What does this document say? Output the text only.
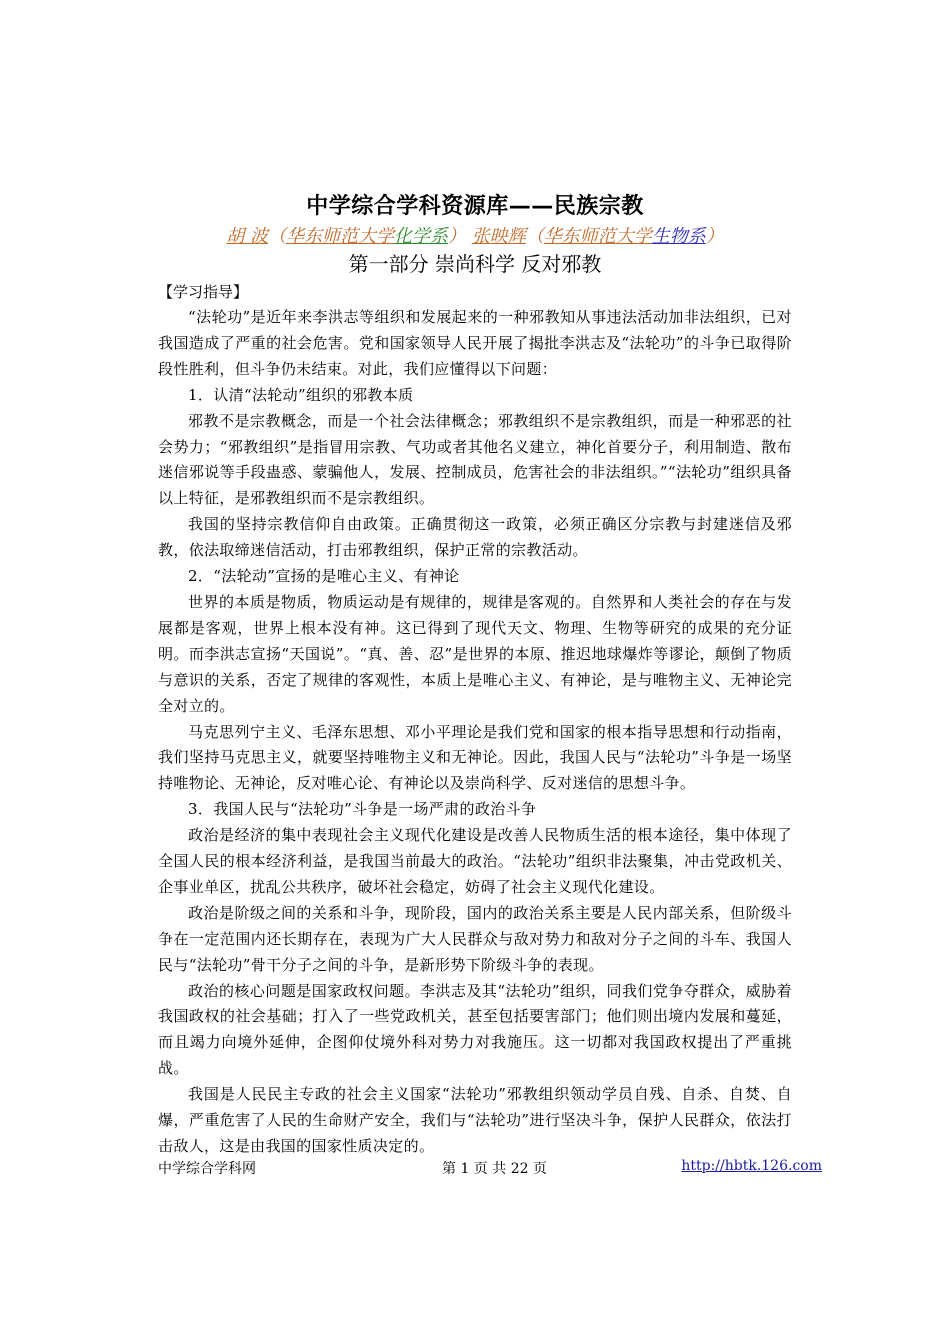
中学综合学科资源库——民族宗教
胡 波（华东师范大学化学系） 张映辉（华东师范大学生物系）
第一部分 崇尚科学 反对邪教
【学习指导】

“法轮功”是近年来李洪志等组织和发展起来的一种邪教知从事违法活动加非法组织，已对我国造成了严重的社会危害。党和国家领导人民开展了揭批李洪志及“法轮功”的斗争已取得阶段性胜利，但斗争仍未结束。对此，我们应懂得以下问题：

1．认清“法轮动”组织的邪教本质

邪教不是宗教概念，而是一个社会法律概念；邪教组织不是宗教组织，而是一种邪恶的社会势力；“邪教组织”是指冒用宗教、气功或者其他名义建立，神化首要分子，利用制造、散布迷信邪说等手段蛊惑、蒙骗他人，发展、控制成员，危害社会的非法组织。”“法轮功”组织具备以上特征，是邪教组织而不是宗教组织。

我国的坚持宗教信仰自由政策。正确贯彻这一政策，必须正确区分宗教与封建迷信及邪教，依法取缔迷信活动，打击邪教组织，保护正常的宗教活动。

2．“法轮动”宣扬的是唯心主义、有神论

世界的本质是物质，物质运动是有规律的，规律是客观的。自然界和人类社会的存在与发展都是客观，世界上根本没有神。这已得到了现代天文、物理、生物等研究的成果的充分证明。而李洪志宣扬“天国说”。“真、善、忍”是世界的本原、推迟地球爆炸等谬论，颠倒了物质与意识的关系，否定了规律的客观性，本质上是唯心主义、有神论，是与唯物主义、无神论完全对立的。

马克思列宁主义、毛泽东思想、邓小平理论是我们党和国家的根本指导思想和行动指南，我们坚持马克思主义，就要坚持唯物主义和无神论。因此，我国人民与“法轮功”斗争是一场坚持唯物论、无神论，反对唯心论、有神论以及崇尚科学、反对迷信的思想斗争。

3．我国人民与“法轮功”斗争是一场严肃的政治斗争

政治是经济的集中表现社会主义现代化建设是改善人民物质生活的根本途径，集中体现了全国人民的根本经济利益，是我国当前最大的政治。“法轮功”组织非法聚集，冲击党政机关、企事业单区，扰乱公共秩序，破坏社会稳定，妨碍了社会主义现代化建设。

政治是阶级之间的关系和斗争，现阶段，国内的政治关系主要是人民内部关系，但阶级斗争在一定范围内还长期存在，表现为广大人民群众与敌对势力和敌对分子之间的斗车、我国人民与“法轮功”骨干分子之间的斗争，是新形势下阶级斗争的表现。

政治的核心问题是国家政权问题。李洪志及其“法轮功”组织，同我们党争夺群众，威胁着我国政权的社会基础；打入了一些党政机关，甚至包括要害部门；他们则出境内发展和蔓延，而且竭力向境外延伸，企图仰仗境外科对势力对我施压。这一切都对我国政权提出了严重挑战。

我国是人民民主专政的社会主义国家“法轮功”邪教组织领动学员自残、自杀、自焚、自爆，严重危害了人民的生命财产安全，我们与“法轮功”进行坚决斗争，保护人民群众，依法打击敌人，这是由我国的国家性质决定的。

中学综合学科网	第 1 页 共 22 页	http://hbtk.126.com
